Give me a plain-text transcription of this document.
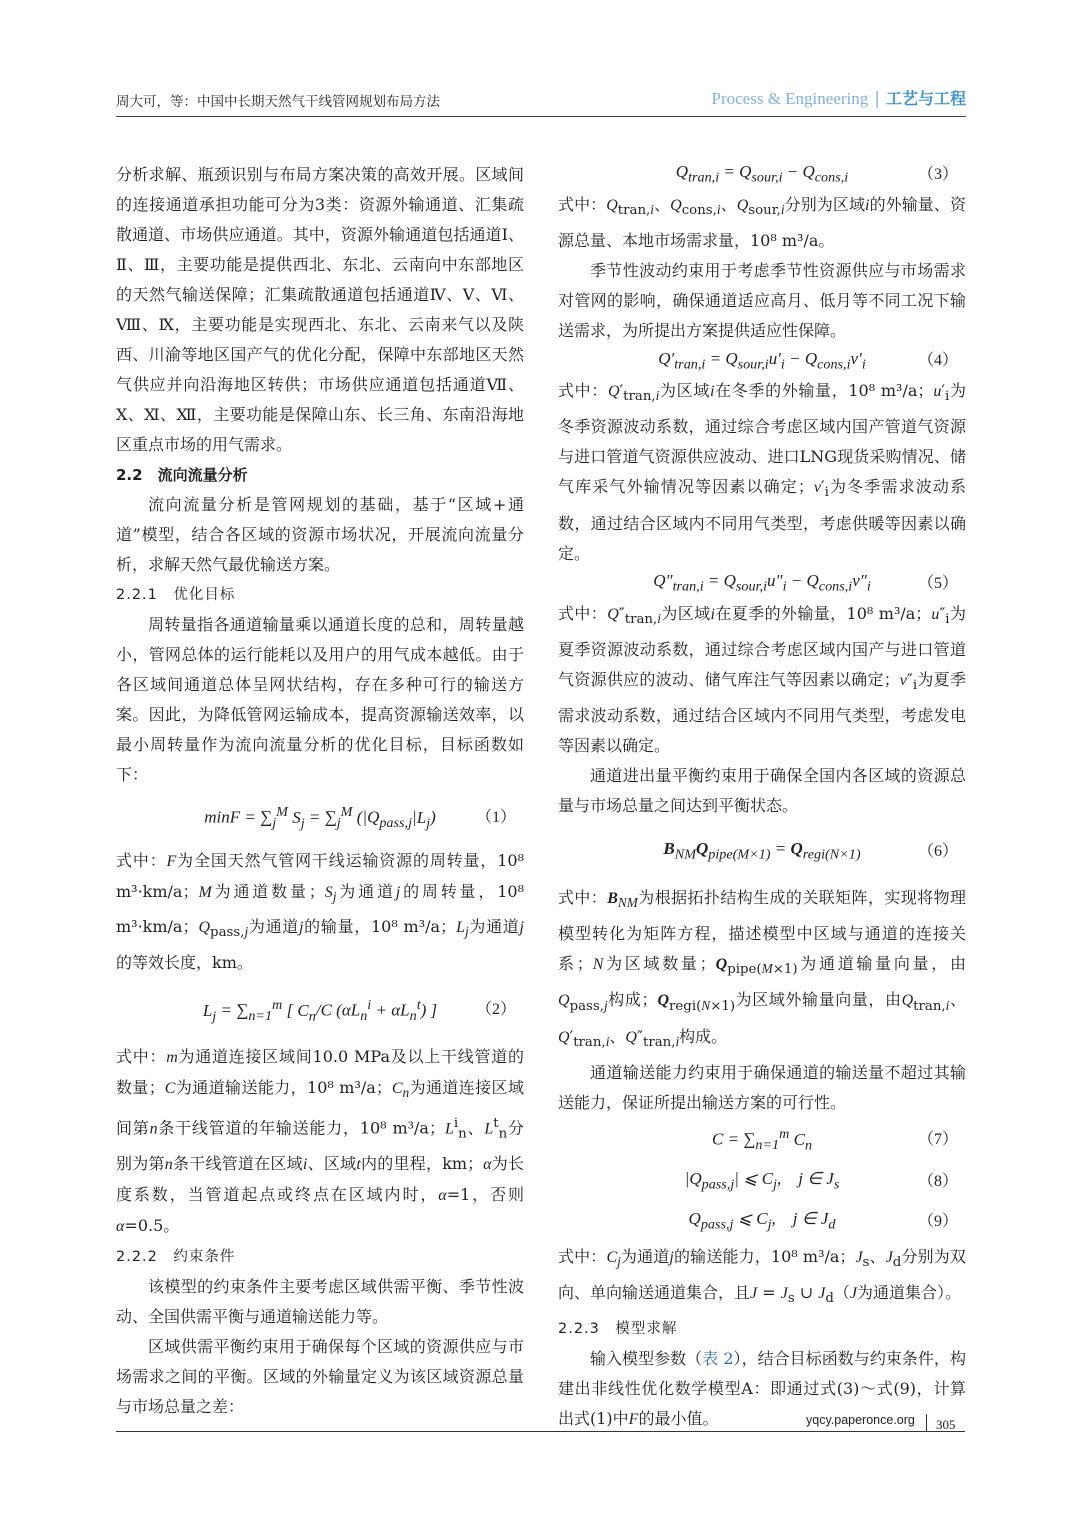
周大可，等：中国中长期天然气干线管网规划布局方法	Process & Engineering | 工艺与工程

分析求解、瓶颈识别与布局方案决策的高效开展。区域间的连接通道承担功能可分为3类：资源外输通道、汇集疏散通道、市场供应通道。其中，资源外输通道包括通道Ⅰ、Ⅱ、Ⅲ，主要功能是提供西北、东北、云南向中东部地区的天然气输送保障；汇集疏散通道包括通道Ⅳ、Ⅴ、Ⅵ、Ⅷ、Ⅸ，主要功能是实现西北、东北、云南来气以及陕西、川渝等地区国产气的优化分配，保障中东部地区天然气供应并向沿海地区转供；市场供应通道包括通道Ⅶ、Ⅹ、Ⅺ、Ⅻ，主要功能是保障山东、长三角、东南沿海地区重点市场的用气需求。

2.2　流向流量分析

流向流量分析是管网规划的基础，基于“区域+通道”模型，结合各区域的资源市场状况，开展流向流量分析，求解天然气最优输送方案。

2.2.1　优化目标

周转量指各通道输量乘以通道长度的总和，周转量越小，管网总体的运行能耗以及用户的用气成本越低。由于各区域间通道总体呈网状结构，存在多种可行的输送方案。因此，为降低管网运输成本，提高资源输送效率，以最小周转量作为流向流量分析的优化目标，目标函数如下：

$\min F = \sum_j^M$ $S_j = \sum_j^M$ $(|Q_{pass,j}|L_j)$	（1）

式中：F为全国天然气管网干线运输资源的周转量，10⁸ m³·km/a；M为通道数量；$S_j$为通道j的周转量，10⁸ m³·km/a；$Q_{pass,j}$为通道j的输量，10⁸ m³/a；$L_j$为通道j的等效长度，km。

$L_j = \sum_{n=1}^m$ [ $C_n/C$ $(\alpha L_n^i + \alpha L_n^t)$ ] （2）

式中：m为通道连接区域间10.0 MPa及以上干线管道的数量；C为通道输送能力，10⁸ m³/a；$C_n$为通道连接区域间第n条干线管道的年输送能力，10⁸ m³/a；$L^i_n$、$L^t_n$分别为第n条干线管道在区域i、区域t内的里程，km；α为长度系数，当管道起点或终点在区域内时，α=1，否则α=0.5。

2.2.2　约束条件

该模型的约束条件主要考虑区域供需平衡、季节性波动、全国供需平衡与通道输送能力等。

区域供需平衡约束用于确保每个区域的资源供应与市场需求之间的平衡。区域的外输量定义为该区域资源总量与市场总量之差：

$Q_{tran,i} = Q_{sour,i} - Q_{cons,i}$	（3）

式中：$Q_{tran,i}$、$Q_{cons,i}$、$Q_{sour,i}$分别为区域i的外输量、资源总量、本地市场需求量，10⁸ m³/a。

季节性波动约束用于考虑季节性资源供应与市场需求对管网的影响，确保通道适应高月、低月等不同工况下输送需求，为所提出方案提供适应性保障。

$Q'_{tran,i} = Q_{sour,i}u'_i - Q_{cons,i}v'_i$	（4）

式中：$Q'_{tran,i}$为区域i在冬季的外输量，10⁸ m³/a；$u'_i$为冬季资源波动系数，通过综合考虑区域内国产管道气资源与进口管道气资源供应波动、进口LNG现货采购情况、储气库采气外输情况等因素以确定；$v'_i$为冬季需求波动系数，通过结合区域内不同用气类型，考虑供暖等因素以确定。

$Q''_{tran,i} = Q_{sour,i}u''_i - Q_{cons,i}v''_i$	（5）

式中：$Q''_{tran,i}$为区域i在夏季的外输量，10⁸ m³/a；$u''_i$为夏季资源波动系数，通过综合考虑区域内国产与进口管道气资源供应的波动、储气库注气等因素以确定；$v''_i$为夏季需求波动系数，通过结合区域内不同用气类型，考虑发电等因素以确定。

通道进出量平衡约束用于确保全国内各区域的资源总量与市场总量之间达到平衡状态。

$B_{NM}Q_{pipe(M\times 1)} = Q_{regi(N\times 1)}$	（6）

式中：$B_{NM}$为根据拓扑结构生成的关联矩阵，实现将物理模型转化为矩阵方程，描述模型中区域与通道的连接关系；N为区域数量；$Q_{pipe(M\times 1)}$为通道输量向量，由$Q_{pass,j}$构成；$Q_{regi(N\times 1)}$为区域外输量向量，由$Q_{tran,i}$、$Q'_{tran,i}$、$Q''_{tran,i}$构成。

通道输送能力约束用于确保通道的输送量不超过其输送能力，保证所提出输送方案的可行性。

$C = \sum_{n=1}^m$ $C_n$	（7）
$|Q_{pass,j}|$ ⩽ $C_j$,    j ∈ $J_s$	（8）
$Q_{pass,j}$ ⩽ $C_j$,    j ∈ $J_d$	（9）

式中：$C_j$为通道j的输送能力，10⁸ m³/a；$J_s$、$J_d$分别为双向、单向输送通道集合，且$J = J_s$ ∪ $J_d(J$为通道集合）。

2.2.3　模型求解

输入模型参数（表 2），结合目标函数与约束条件，构建出非线性优化数学模型A：即通过式(3)～式(9)，计算出式(1)中F的最小值。	yqcy.paperonce.org 305
